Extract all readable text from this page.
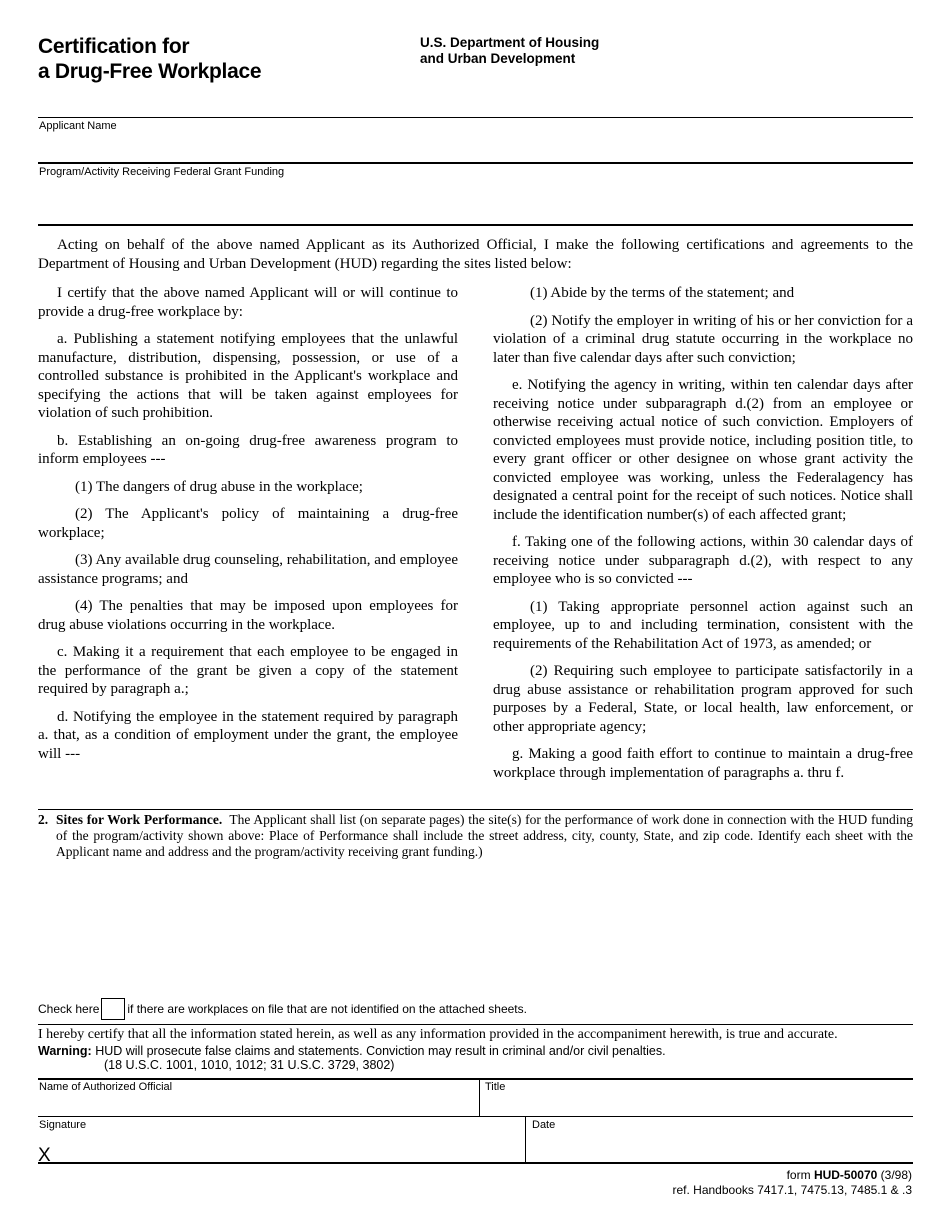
Certification for
a Drug-Free Workplace
U.S. Department of Housing
and Urban Development
Applicant Name
Program/Activity Receiving Federal Grant Funding

Acting on behalf of the above named Applicant as its Authorized Official, I make the following certifications and agreements to the Department of Housing and Urban Development (HUD) regarding the sites listed below:

I certify that the above named Applicant will or will continue to provide a drug-free workplace by:

a. Publishing a statement notifying employees that the unlawful manufacture, distribution, dispensing, possession, or use of a controlled substance is prohibited in the Applicant's workplace and specifying the actions that will be taken against employees for violation of such prohibition.

b. Establishing an on-going drug-free awareness program to inform employees ---

(1) The dangers of drug abuse in the workplace;

(2) The Applicant's policy of maintaining a drug-free workplace;

(3) Any available drug counseling, rehabilitation, and employee assistance programs; and

(4) The penalties that may be imposed upon employees for drug abuse violations occurring in the workplace.

c. Making it a requirement that each employee to be engaged in the performance of the grant be given a copy of the statement required by paragraph a.;

d. Notifying the employee in the statement required by paragraph a. that, as a condition of employment under the grant, the employee will ---

(1) Abide by the terms of the statement; and

(2) Notify the employer in writing of his or her conviction for a violation of a criminal drug statute occurring in the workplace no later than five calendar days after such conviction;

e. Notifying the agency in writing, within ten calendar days after receiving notice under subparagraph d.(2) from an employee or otherwise receiving actual notice of such conviction. Employers of convicted employees must provide notice, including position title, to every grant officer or other designee on whose grant activity the convicted employee was working, unless the Federalagency has designated a central point for the receipt of such notices. Notice shall include the identification number(s) of each affected grant;

f. Taking one of the following actions, within 30 calendar days of receiving notice under subparagraph d.(2), with respect to any employee who is so convicted ---

(1) Taking appropriate personnel action against such an employee, up to and including termination, consistent with the requirements of the Rehabilitation Act of 1973, as amended; or

(2) Requiring such employee to participate satisfactorily in a drug abuse assistance or rehabilitation program approved for such purposes by a Federal, State, or local health, law enforcement, or other appropriate agency;

g. Making a good faith effort to continue to maintain a drug-free workplace through implementation of paragraphs a. thru f.

2. Sites for Work Performance. The Applicant shall list (on separate pages) the site(s) for the performance of work done in connection with the HUD funding of the program/activity shown above: Place of Performance shall include the street address, city, county, State, and zip code. Identify each sheet with the Applicant name and address and the program/activity receiving grant funding.)
Check here if there are workplaces on file that are not identified on the attached sheets.

I hereby certify that all the information stated herein, as well as any information provided in the accompaniment herewith, is true and accurate.

Warning: HUD will prosecute false claims and statements. Conviction may result in criminal and/or civil penalties.
(18 U.S.C. 1001, 1010, 1012; 31 U.S.C. 3729, 3802)
Name of Authorized Official	Title
Signature
X
Date
form HUD-50070 (3/98)
ref. Handbooks 7417.1, 7475.13, 7485.1 & .3
